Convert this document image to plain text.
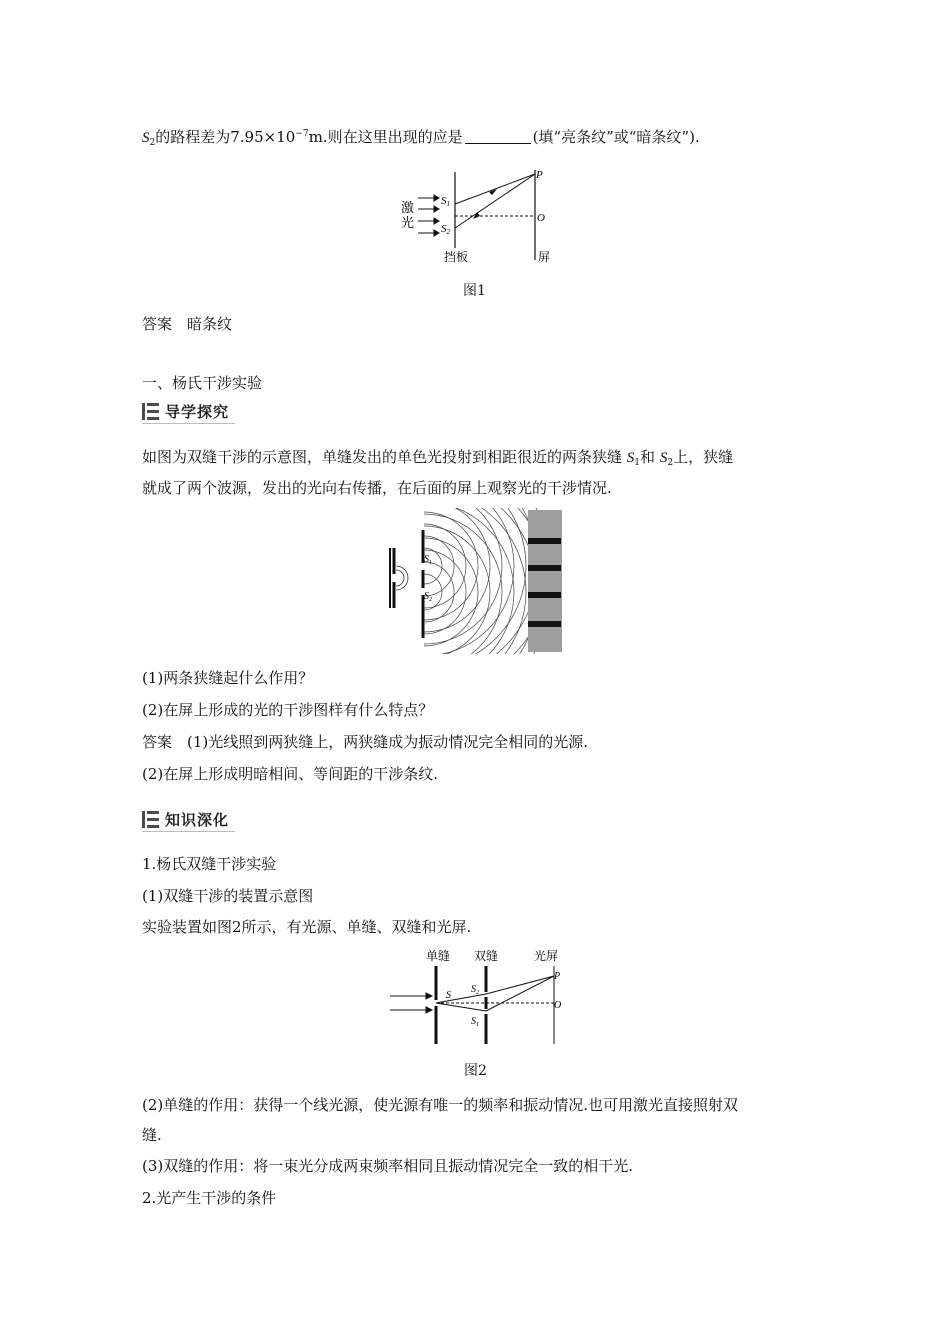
$S_2$的路程差为$7.95\times 10^{-7}m$.则在这里出现的应是	(填“亮条纹”或“暗条纹”).
激
光
S1
S2
P
O
挡板	屏
图1
答案　暗条纹
一、杨氏干涉实验
导学探究
如图为双缝干涉的示意图，单缝发出的单色光投射到相距很近的两条狭缝 $S_1$和 $S_2$上，狭缝
就成了两个波源，发出的光向右传播，在后面的屏上观察光的干涉情况.
$S_1$
$S_2$
(1)两条狭缝起什么作用？
(2)在屏上形成的光的干涉图样有什么特点？
答案　(1)光线照到两狭缝上，两狭缝成为振动情况完全相同的光源.
(2)在屏上形成明暗相间、等间距的干涉条纹.
知识深化
1.杨氏双缝干涉实验
(1)双缝干涉的装置示意图
实验装置如图2所示，有光源、单缝、双缝和光屏.
单缝 双缝	光屏
S
$S_2$
$S_1$
P
O
图2
(2)单缝的作用：获得一个线光源，使光源有唯一的频率和振动情况.也可用激光直接照射双
缝.
(3)双缝的作用：将一束光分成两束频率相同且振动情况完全一致的相干光.
2.光产生干涉的条件
